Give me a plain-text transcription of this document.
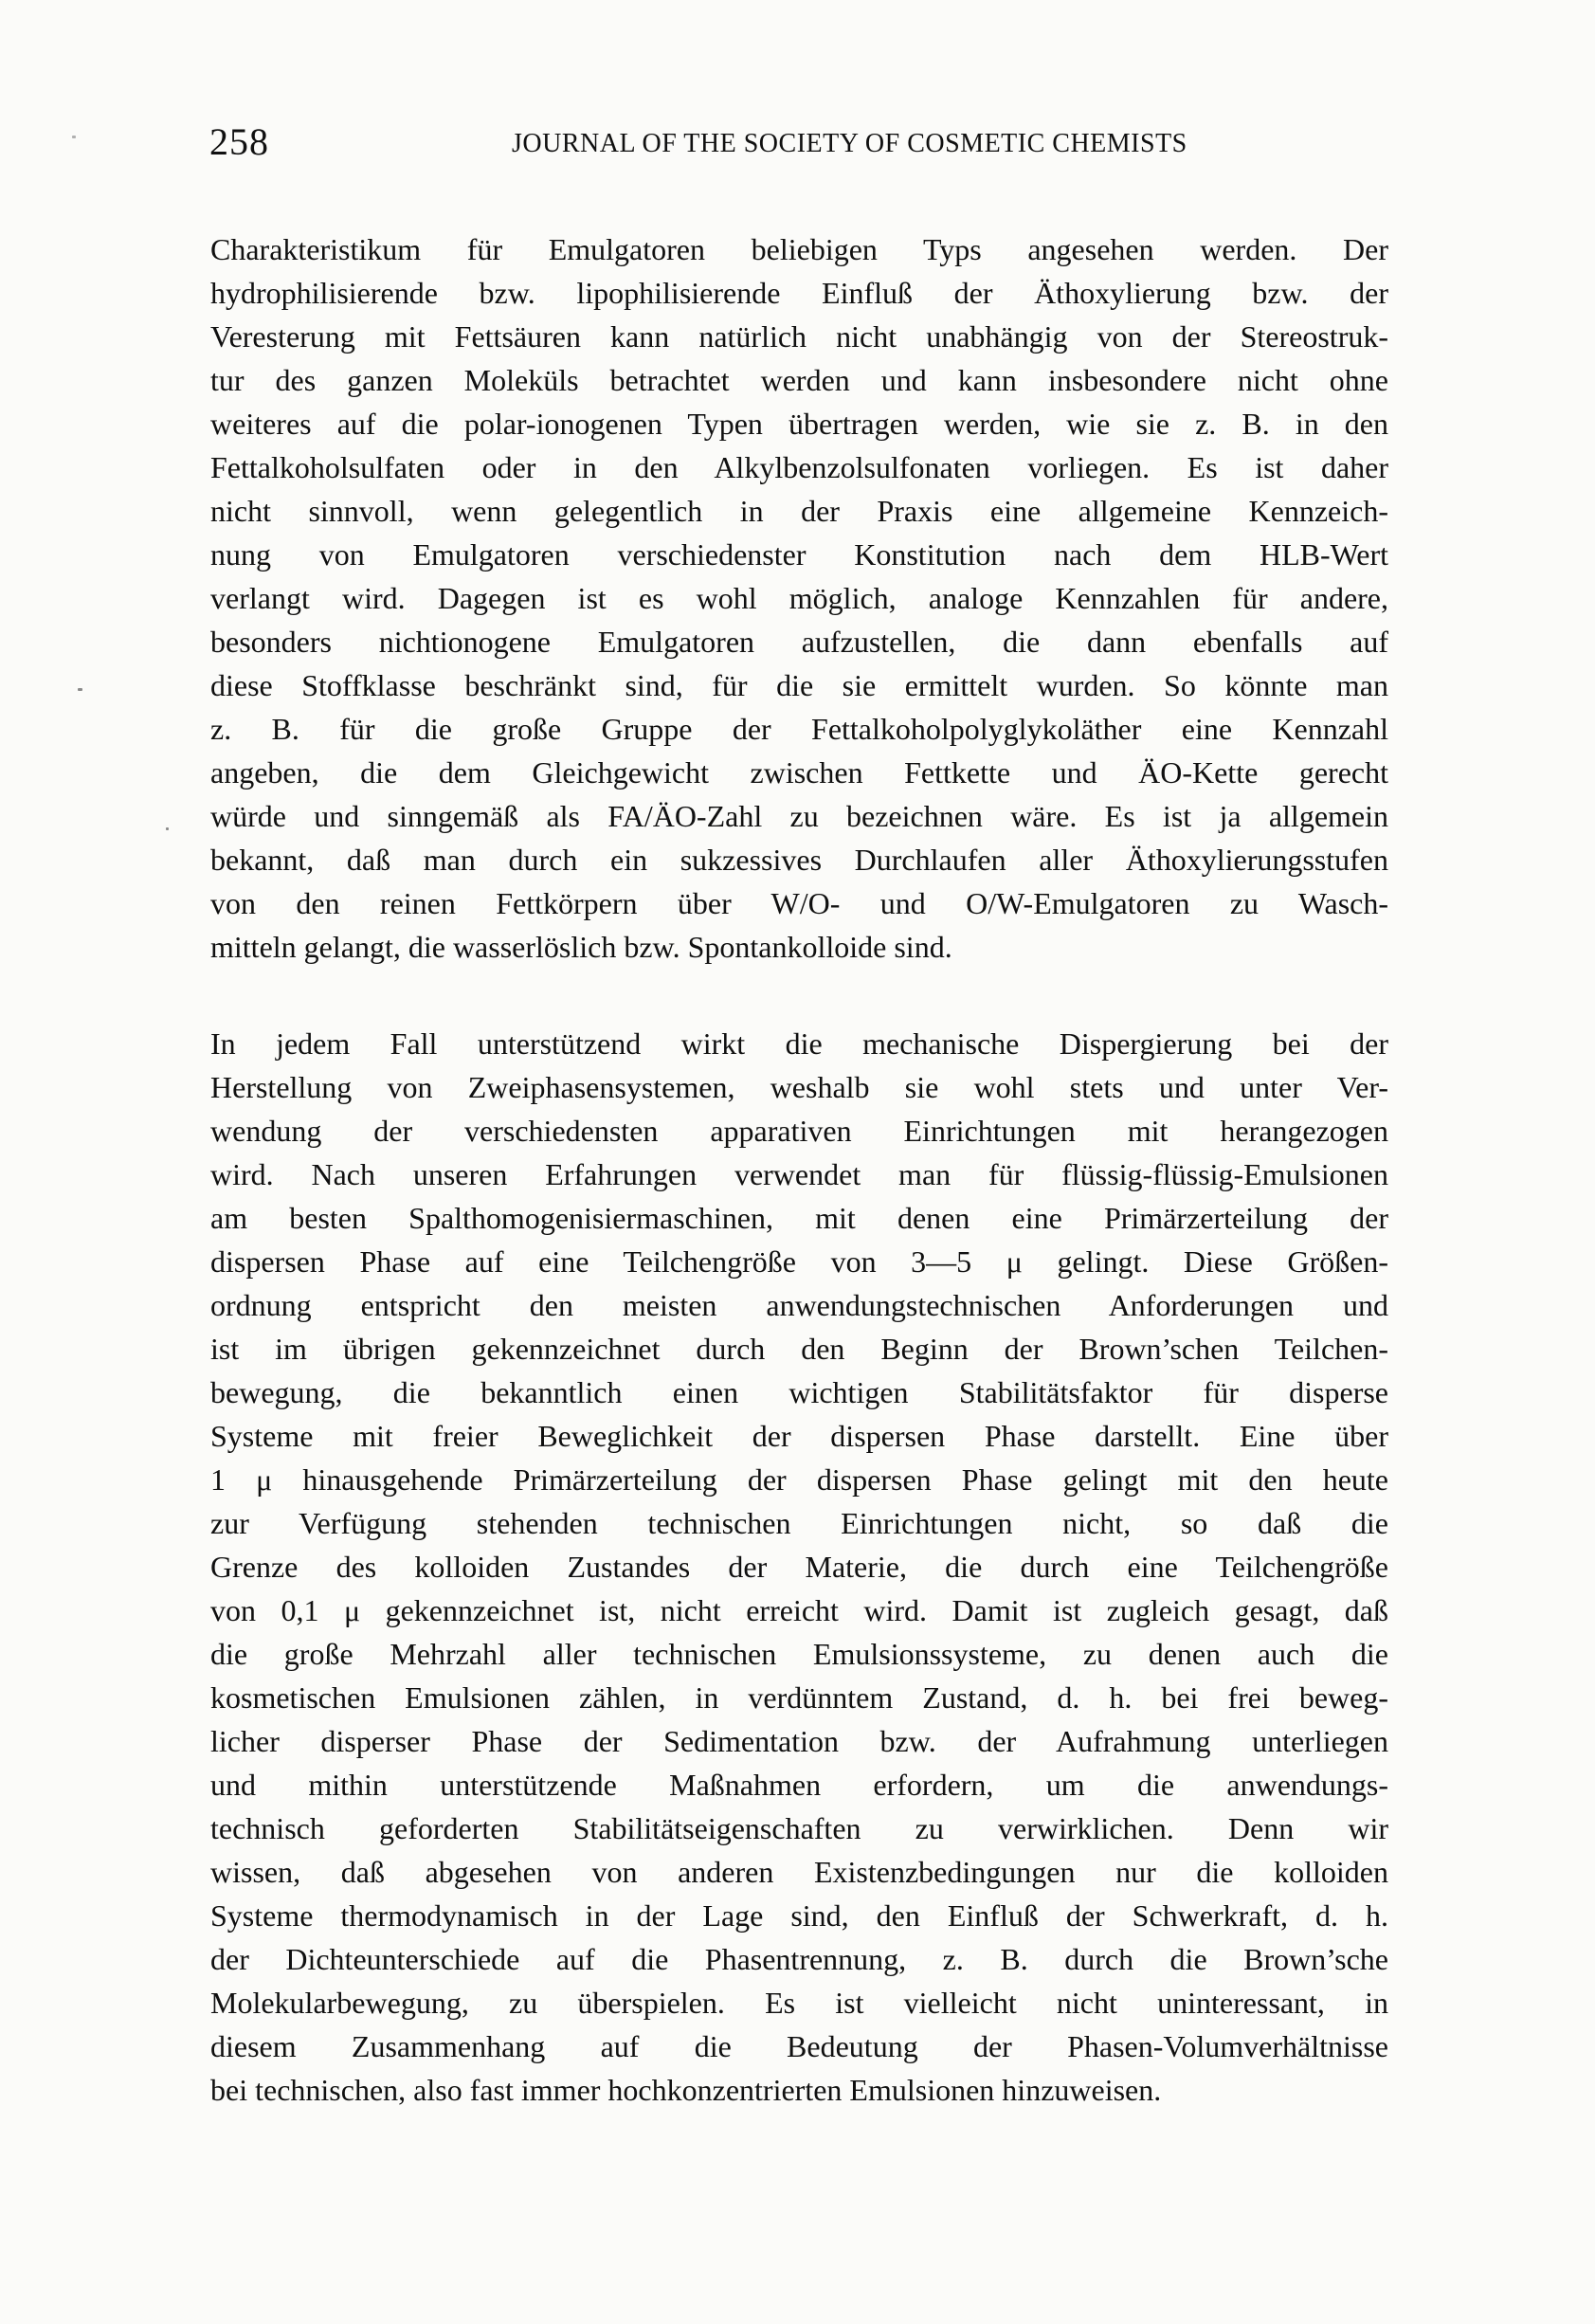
258	JOURNAL OF THE SOCIETY OF COSMETIC CHEMISTS
Charakteristikum für Emulgatoren beliebigen Typs angesehen werden. Der
hydrophilisierende bzw. lipophilisierende Einfluß der Äthoxylierung bzw. der
Veresterung mit Fettsäuren kann natürlich nicht unabhängig von der Stereostruk-
tur des ganzen Moleküls betrachtet werden und kann insbesondere nicht ohne
weiteres auf die polar-ionogenen Typen übertragen werden, wie sie z. B. in den
Fettalkoholsulfaten oder in den Alkylbenzolsulfonaten vorliegen. Es ist daher
nicht sinnvoll, wenn gelegentlich in der Praxis eine allgemeine Kennzeich-
nung von Emulgatoren verschiedenster Konstitution nach dem HLB-Wert
verlangt wird. Dagegen ist es wohl möglich, analoge Kennzahlen für andere,
besonders nichtionogene Emulgatoren aufzustellen, die dann ebenfalls auf
diese Stoffklasse beschränkt sind, für die sie ermittelt wurden. So könnte man
z. B. für die große Gruppe der Fettalkoholpolyglykoläther eine Kennzahl
angeben, die dem Gleichgewicht zwischen Fettkette und ÄO-Kette gerecht
würde und sinngemäß als FA/ÄO-Zahl zu bezeichnen wäre. Es ist ja allgemein
bekannt, daß man durch ein sukzessives Durchlaufen aller Äthoxylierungsstufen
von den reinen Fettkörpern über W/O- und O/W-Emulgatoren zu Wasch-
mitteln gelangt, die wasserlöslich bzw. Spontankolloide sind.
In jedem Fall unterstützend wirkt die mechanische Dispergierung bei der
Herstellung von Zweiphasensystemen, weshalb sie wohl stets und unter Ver-
wendung der verschiedensten apparativen Einrichtungen mit herangezogen
wird. Nach unseren Erfahrungen verwendet man für flüssig-flüssig-Emulsionen
am besten Spalthomogenisiermaschinen, mit denen eine Primärzerteilung der
dispersen Phase auf eine Teilchengröße von 3—5 μ gelingt. Diese Größen-
ordnung entspricht den meisten anwendungstechnischen Anforderungen und
ist im übrigen gekennzeichnet durch den Beginn der Brown’schen Teilchen-
bewegung, die bekanntlich einen wichtigen Stabilitätsfaktor für disperse
Systeme mit freier Beweglichkeit der dispersen Phase darstellt. Eine über
1 μ hinausgehende Primärzerteilung der dispersen Phase gelingt mit den heute
zur Verfügung stehenden technischen Einrichtungen nicht, so daß die
Grenze des kolloiden Zustandes der Materie, die durch eine Teilchengröße
von 0,1 μ gekennzeichnet ist, nicht erreicht wird. Damit ist zugleich gesagt, daß
die große Mehrzahl aller technischen Emulsionssysteme, zu denen auch die
kosmetischen Emulsionen zählen, in verdünntem Zustand, d. h. bei frei beweg-
licher disperser Phase der Sedimentation bzw. der Aufrahmung unterliegen
und mithin unterstützende Maßnahmen erfordern, um die anwendungs-
technisch geforderten Stabilitätseigenschaften zu verwirklichen. Denn wir
wissen, daß abgesehen von anderen Existenzbedingungen nur die kolloiden
Systeme thermodynamisch in der Lage sind, den Einfluß der Schwerkraft, d. h.
der Dichteunterschiede auf die Phasentrennung, z. B. durch die Brown’sche
Molekularbewegung, zu überspielen. Es ist vielleicht nicht uninteressant, in
diesem Zusammenhang auf die Bedeutung der Phasen-Volumverhältnisse
bei technischen, also fast immer hochkonzentrierten Emulsionen hinzuweisen.
